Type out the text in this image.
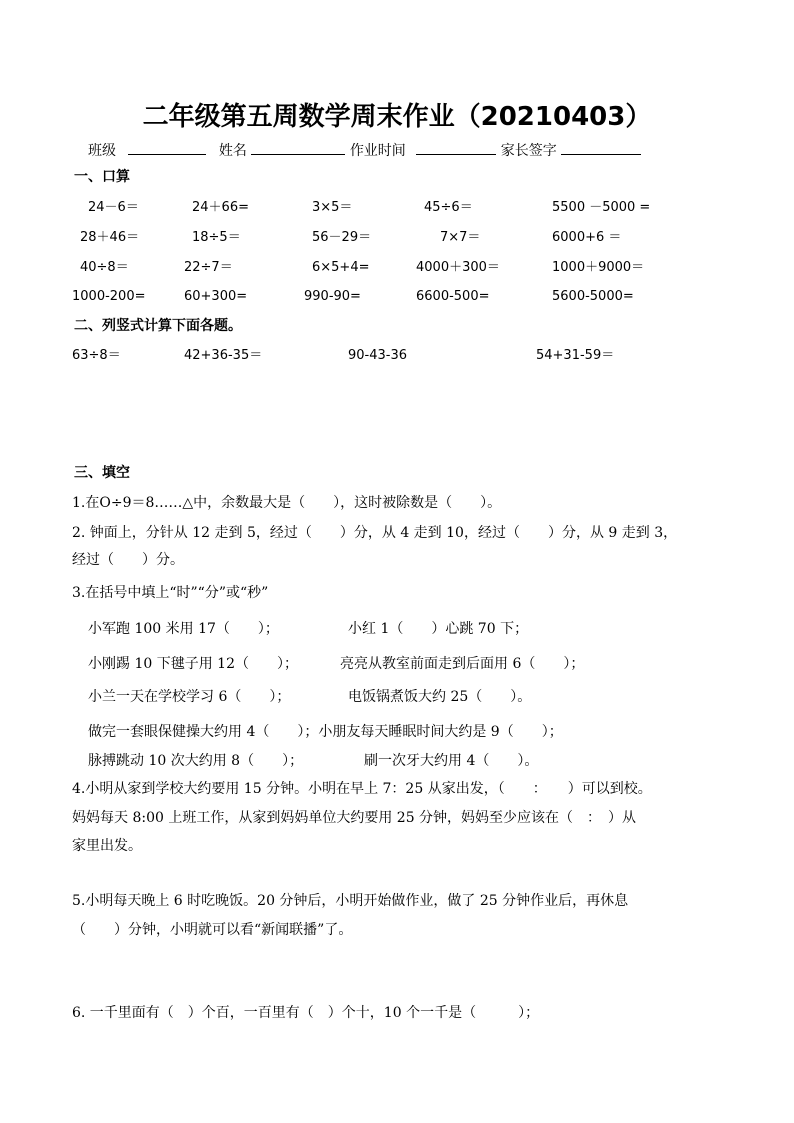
二年级第五周数学周末作业（20210403）
班级	姓名	作业时间	家长签字
一、口算
24－6＝	24＋66=	3×5＝	45÷6＝	5500 －5000 =
28＋46＝	18÷5＝	56－29＝	7×7＝	6000+6 ＝
40÷8＝	22÷7＝	6×5+4=	4000＋300＝	1000＋9000＝
1000-200=	60+300=	990-90=	6600-500=	5600-5000=
二、列竖式计算下面各题。
63÷8＝	42+36-35＝	90-43-36	54+31-59＝
三、填空
1.在O÷9＝8……△中，余数最大是（　　），这时被除数是（　　）。
2. 钟面上，分针从 12 走到 5，经过（　　）分，从 4 走到 10，经过（　　）分，从 9 走到 3，
经过（　　）分。
3.在括号中填上“时”“分”或“秒”
小军跑 100 米用 17（　　）；	小红 1（　　）心跳 70 下；
小刚踢 10 下毽子用 12（　　）；	亮亮从教室前面走到后面用 6（　　）；
小兰一天在学校学习 6（　　）；	电饭锅煮饭大约 25（　　）。
做完一套眼保健操大约用 4（　　）；小朋友每天睡眠时间大约是 9（　　）；
脉搏跳动 10 次大约用 8（　　）；	刷一次牙大约用 4（　　）。
4.小明从家到学校大约要用 15 分钟。小明在早上 7：25 从家出发，（　　：　　）可以到校。
妈妈每天 8:00 上班工作，从家到妈妈单位大约要用 25 分钟，妈妈至少应该在（　：　）从
家里出发。
5.小明每天晚上 6 时吃晚饭。20 分钟后，小明开始做作业，做了 25 分钟作业后，再休息
（　　）分钟，小明就可以看“新闻联播”了。
6. 一千里面有（　）个百，一百里有（　）个十，10 个一千是（　　　）；
